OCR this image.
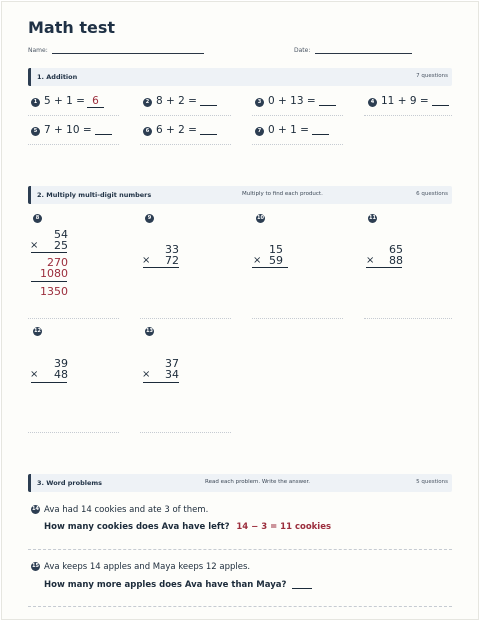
Math test
Name:	Date:
1. Addition	7 questions
1 5 + 1 = 6	2 8 + 2 =	3 0 + 13 =	4 11 + 9 =
5 7 + 10 =	6 6 + 2 =	7 0 + 1 =
2. Multiply multi-digit numbers	Multiply to find each product.	6 questions
8
54
×	25
270
1080
1350
9
33
×	72
10
15
× 59
11
65
×	88
12
39
×	48
13
37
×	34
3. Word problems	Read each problem. Write the answer.	5 questions
14 Ava had 14 cookies and ate 3 of them.
How many cookies does Ava have left? 14 − 3 = 11 cookies
15 Ava keeps 14 apples and Maya keeps 12 apples.
How many more apples does Ava have than Maya?
